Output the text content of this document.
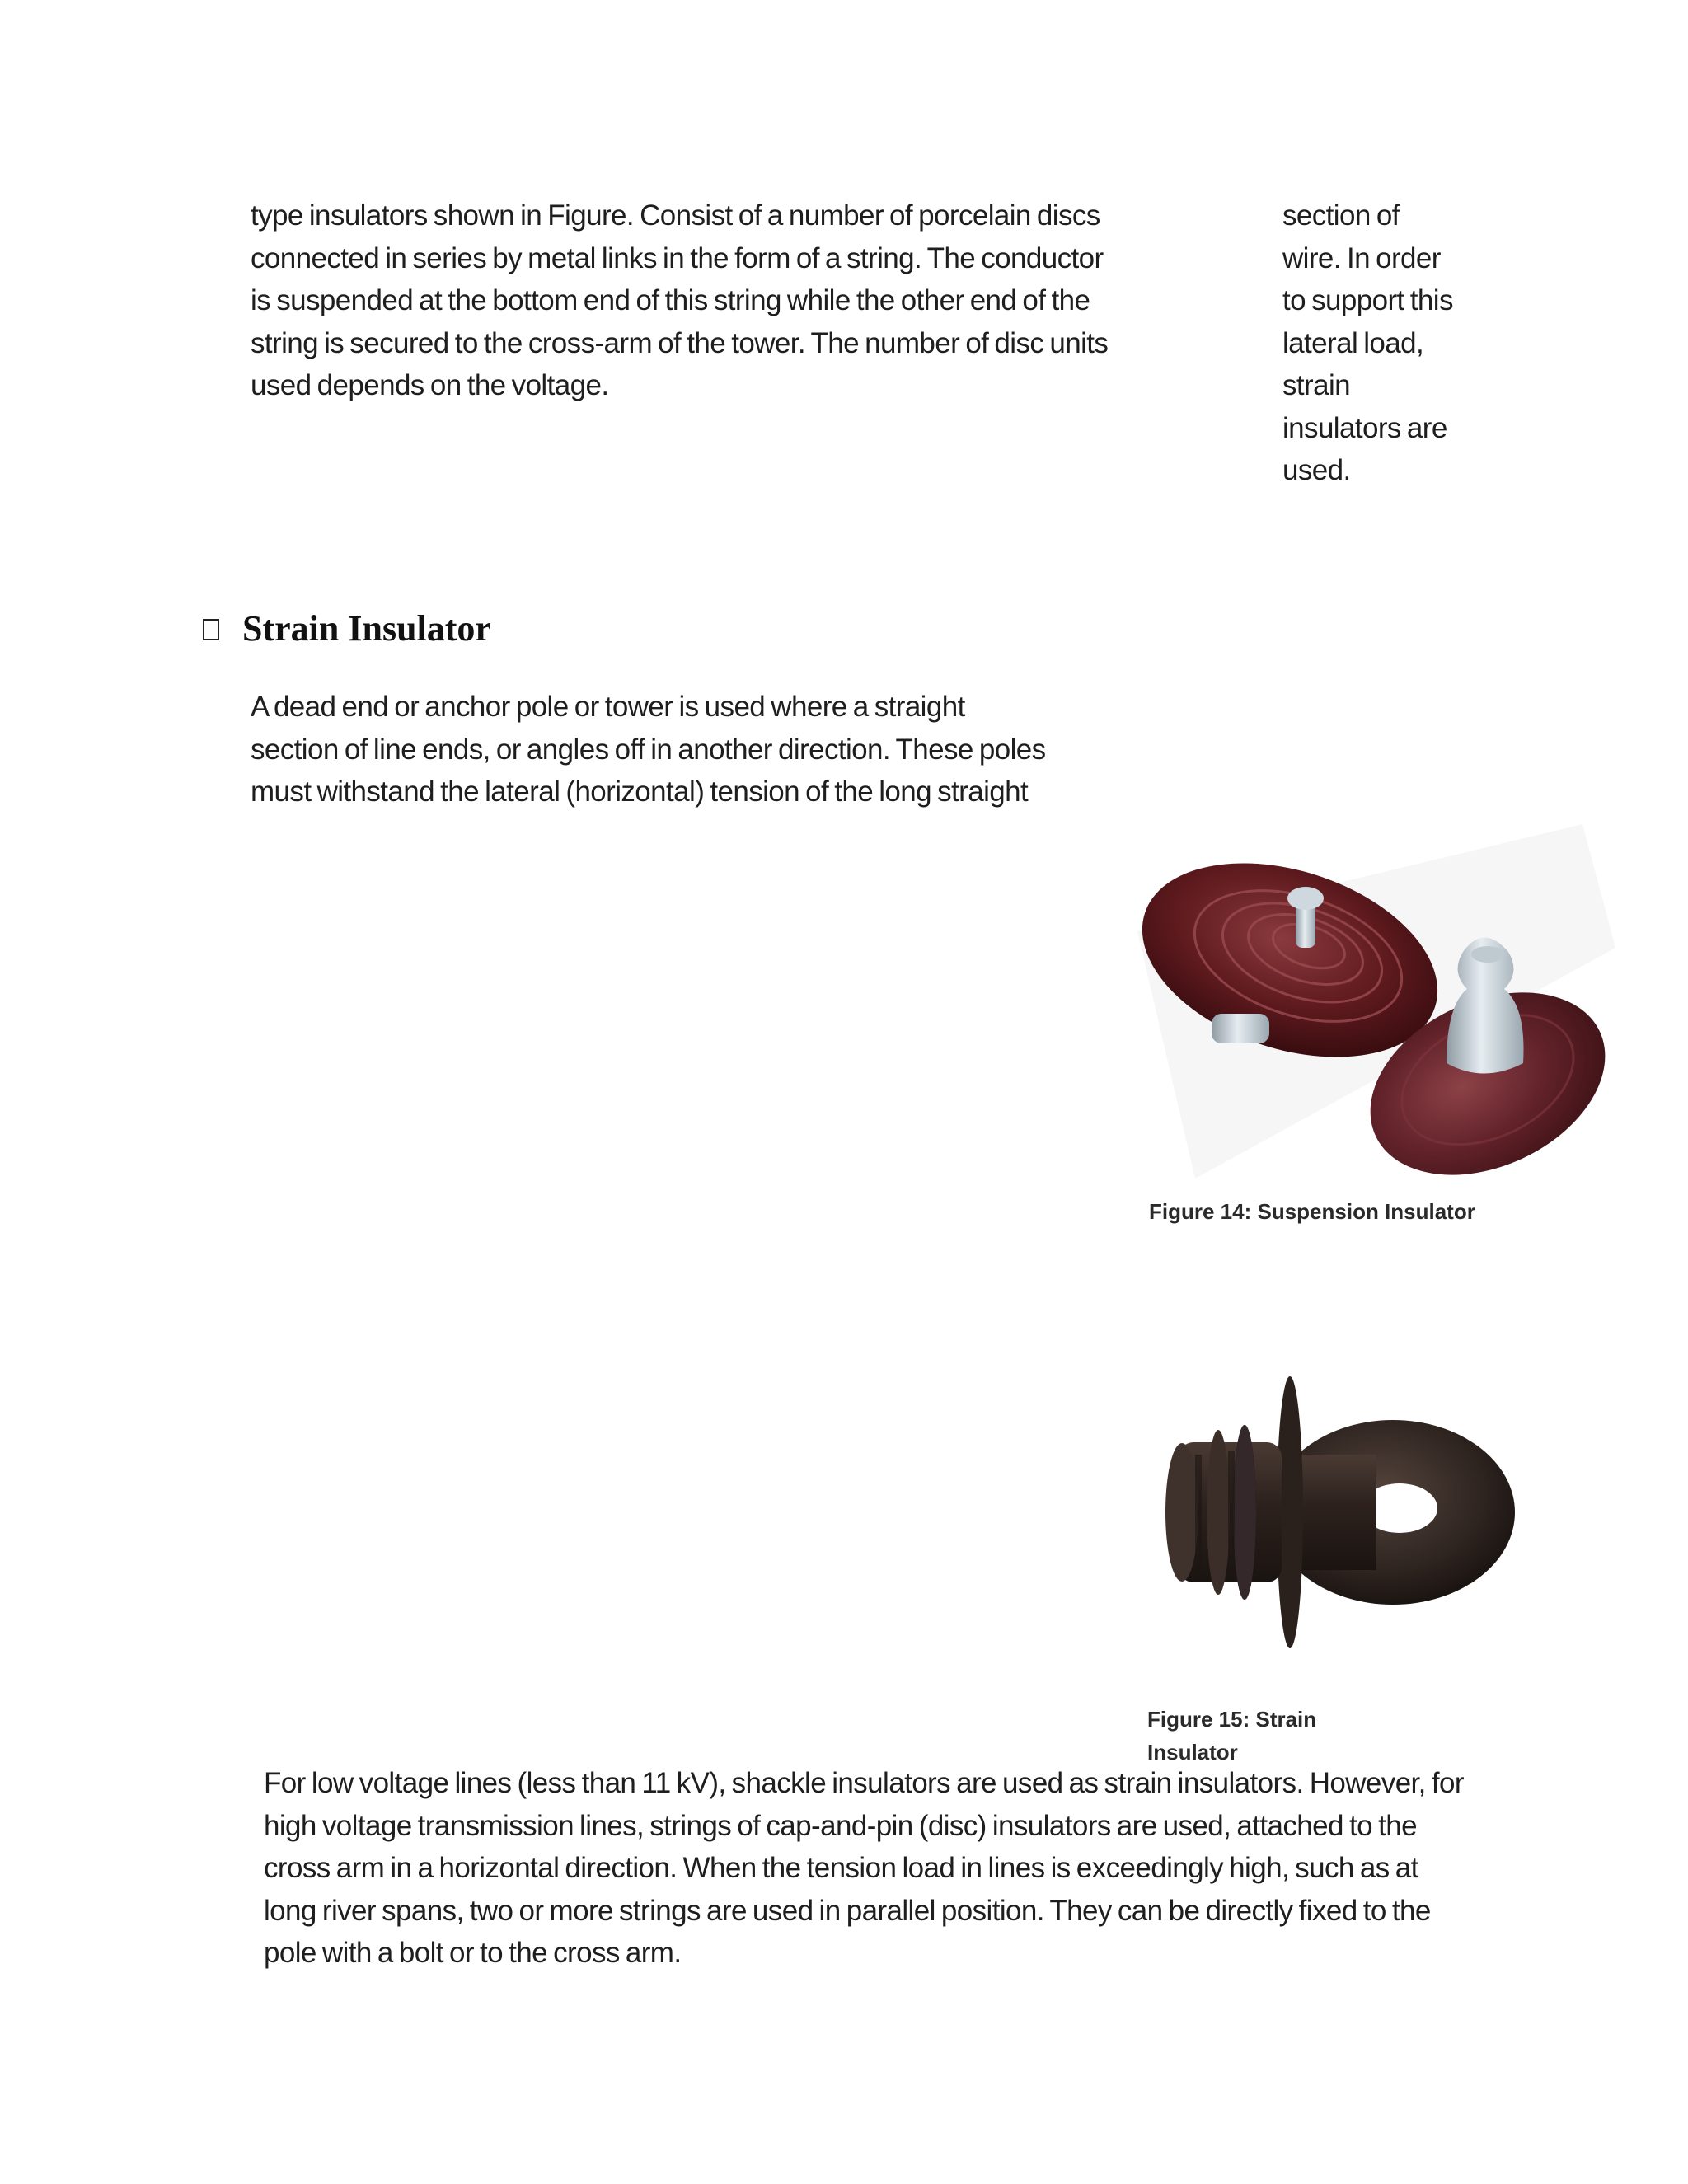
type insulators shown in Figure. Consist of a number of porcelain discs
connected in series by metal links in the form of a string. The conductor
is suspended at the bottom end of this string while the other end of the
string is secured to the cross-arm of the tower. The number of disc units
used depends on the voltage.
section of
wire. In order
to support this
lateral load,
strain
insulators are
used.
Strain Insulator
A dead end or anchor pole or tower is used where a straight
section of line ends, or angles off in another direction. These poles
must withstand the lateral (horizontal) tension of the long straight

Figure 14: Suspension Insulator

Figure 15: Strain
Insulator

For low voltage lines (less than 11 kV), shackle insulators are used as strain insulators. However, for
high voltage transmission lines, strings of cap-and-pin (disc) insulators are used, attached to the
cross arm in a horizontal direction. When the tension load in lines is exceedingly high, such as at
long river spans, two or more strings are used in parallel position. They can be directly fixed to the
pole with a bolt or to the cross arm.
